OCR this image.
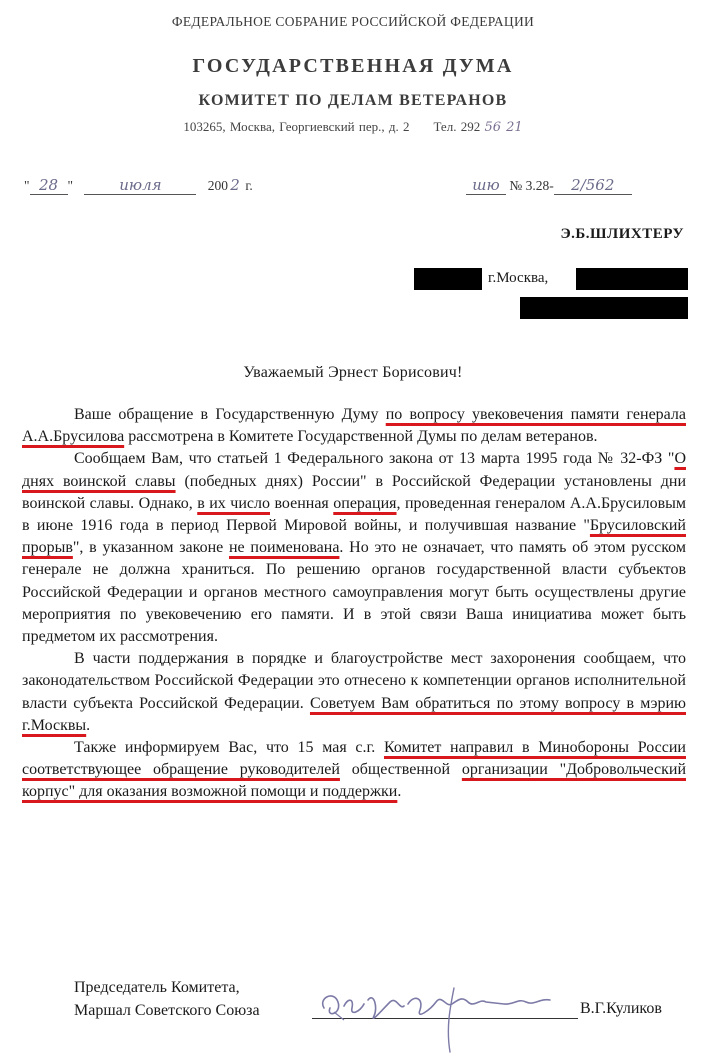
ФЕДЕРАЛЬНОЕ СОБРАНИЕ РОССИЙСКОЙ ФЕДЕРАЦИИ
ГОСУДАРСТВЕННАЯ ДУМА
КОМИТЕТ ПО ДЕЛАМ ВЕТЕРАНОВ
103265, Москва, Георгиевский пер., д. 2 Тел. 292 56 21
" 28 "	июля	200 2 г.	шю № 3.28- 2/562
Э.Б.ШЛИХТЕРУ
г.Москва,
Уважаемый Эрнест Борисович!

Ваше обращение в Государственную Думу по вопросу увековечения памяти генерала А.А.Брусилова рассмотрена в Комитете Государственной Думы по делам ветеранов.

Сообщаем Вам, что статьей 1 Федерального закона от 13 марта 1995 года № 32-ФЗ "О днях воинской славы (победных днях) России" в Российской Федерации установлены дни воинской славы. Однако, в их число военная операция, проведенная генералом А.А.Брусиловым в июне 1916 года в период Первой Мировой войны, и получившая название "Брусиловский прорыв", в указанном законе не поименована. Но это не означает, что память об этом русском генерале не должна храниться. По решению органов государственной власти субъектов Российской Федерации и органов местного самоуправления могут быть осуществлены другие мероприятия по увековечению его памяти. И в этой связи Ваша инициатива может быть предметом их рассмотрения.

В части поддержания в порядке и благоустройстве мест захоронения сообщаем, что законодательством Российской Федерации это отнесено к компетенции органов исполнительной власти субъекта Российской Федерации. Советуем Вам обратиться по этому вопросу в мэрию г.Москвы.

Также информируем Вас, что 15 мая с.г. Комитет направил в Минобороны России соответствующее обращение руководителей общественной организации "Добровольческий корпус" для оказания возможной помощи и поддержки.

Председатель Комитета,
Маршал Советского Союза	В.Г.Куликов
